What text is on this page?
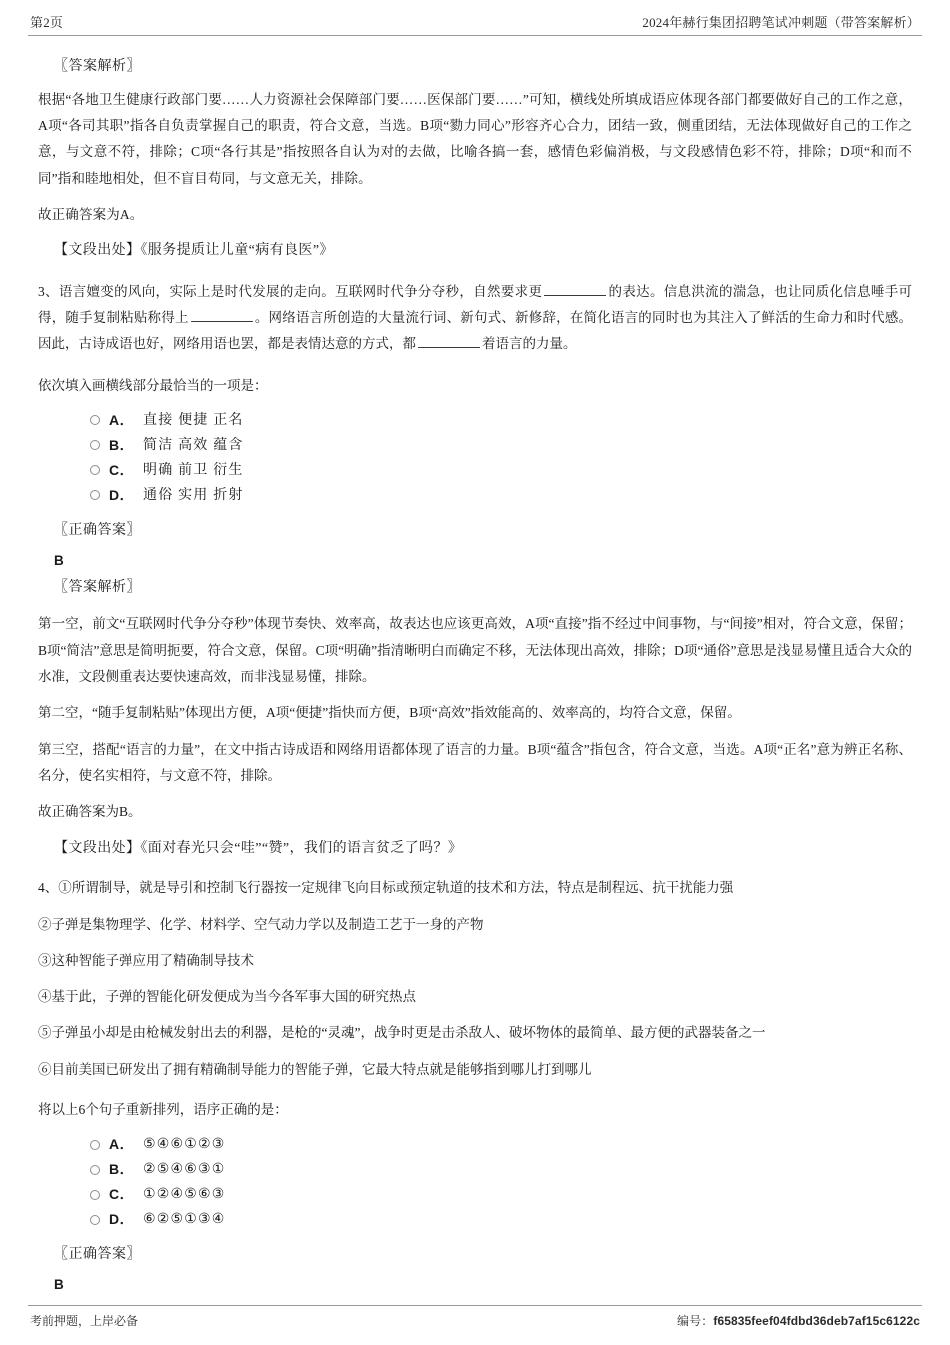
第2页	2024年赫行集团招聘笔试冲刺题（带答案解析）
〖答案解析〗
根据“各地卫生健康行政部门要……人力资源社会保障部门要……医保部门要……”可知，横线处所填成语应体现各部门都要做好自己的工作之意，A项“各司其职”指各自负责掌握自己的职责，符合文意，当选。B项“勠力同心”形容齐心合力，团结一致，侧重团结，无法体现做好自己的工作之意，与文意不符，排除；C项“各行其是”指按照各自认为对的去做，比喻各搞一套，感情色彩偏消极，与文段感情色彩不符，排除；D项“和而不同”指和睦地相处，但不盲目苟同，与文意无关，排除。
故正确答案为A。
【文段出处】《服务提质让儿童“病有良医”》
3、语言嬗变的风向，实际上是时代发展的走向。互联网时代争分夺秒，自然要求更	的表达。信息洪流的湍急，也让同质化信息唾手可得，随手复制粘贴称得上	。网络语言所创造的大量流行词、新句式、新修辞，在简化语言的同时也为其注入了鲜活的生命力和时代感。因此，古诗成语也好，网络用语也罢，都是表情达意的方式，都	着语言的力量。
依次填入画横线部分最恰当的一项是：
A． 直接 便捷 正名
B． 简洁 高效 蕴含
C． 明确 前卫 衍生
D． 通俗 实用 折射
〖正确答案〗
B
〖答案解析〗
第一空，前文“互联网时代争分夺秒”体现节奏快、效率高，故表达也应该更高效，A项“直接”指不经过中间事物，与“间接”相对，符合文意，保留；B项“简洁”意思是简明扼要，符合文意，保留。C项“明确”指清晰明白而确定不移，无法体现出高效，排除；D项“通俗”意思是浅显易懂且适合大众的水准，文段侧重表达要快速高效，而非浅显易懂，排除。
第二空，“随手复制粘贴”体现出方便，A项“便捷”指快而方便，B项“高效”指效能高的、效率高的，均符合文意，保留。
第三空，搭配“语言的力量”，在文中指古诗成语和网络用语都体现了语言的力量。B项“蕴含”指包含，符合文意，当选。A项“正名”意为辨正名称、名分，使名实相符，与文意不符，排除。
故正确答案为B。
【文段出处】《面对春光只会“哇”“赞”，我们的语言贫乏了吗？》
4、①所谓制导，就是导引和控制飞行器按一定规律飞向目标或预定轨道的技术和方法，特点是制程远、抗干扰能力强
②子弹是集物理学、化学、材料学、空气动力学以及制造工艺于一身的产物
③这种智能子弹应用了精确制导技术
④基于此，子弹的智能化研发便成为当今各军事大国的研究热点
⑤子弹虽小却是由枪械发射出去的利器，是枪的“灵魂”，战争时更是击杀敌人、破坏物体的最简单、最方便的武器装备之一
⑥目前美国已研发出了拥有精确制导能力的智能子弹，它最大特点就是能够指到哪儿打到哪儿
将以上6个句子重新排列，语序正确的是：
A． ⑤④⑥①②③
B． ②⑤④⑥③①
C． ①②④⑤⑥③
D． ⑥②⑤①③④
〖正确答案〗
B
考前押题，上岸必备	编号：f65835feef04fdbd36deb7af15c6122c
